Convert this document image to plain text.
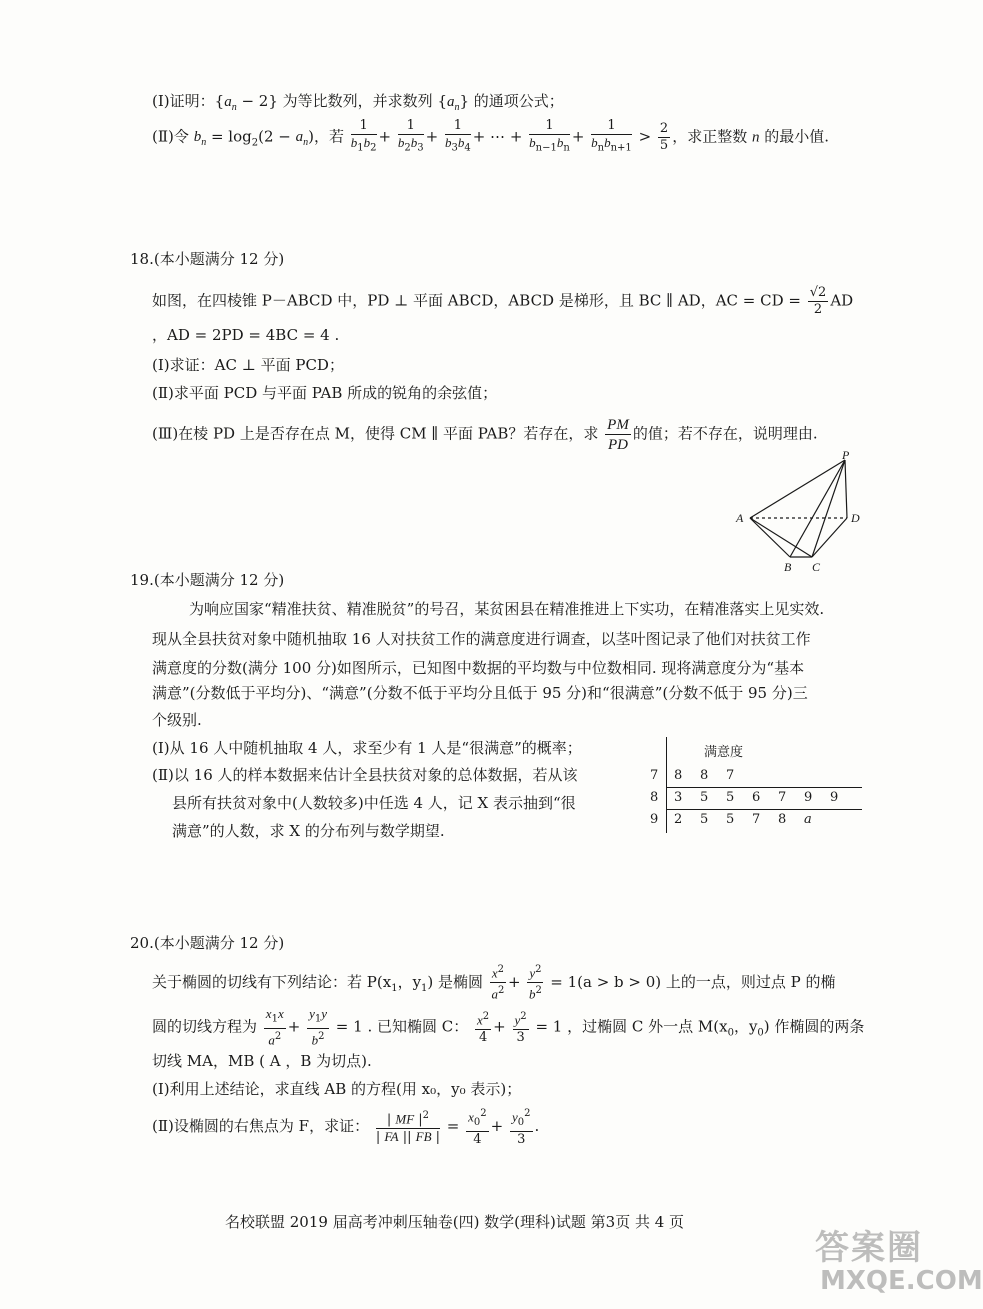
(Ⅰ)证明：$\{a_n - 2\}$ 为等比数列，并求数列 $\{a_n\}$ 的通项公式；
(Ⅱ)令 $b_n = \log_2(2 - a_n)$，若 $\frac{1}{b_1b_2} + \frac{1}{b_2b_3} + \frac{1}{b_3b_4}$ + ⋯ + $\frac{1}{b_{n-1}b_n} + \frac{1}{b_nb_{n+1}} > \frac{2}{5}$ ，求正整数 n 的最小值.
18.(本小题满分 12 分)
如图，在四棱锥 P－ABCD 中，PD ⊥ 平面 ABCD，ABCD 是梯形，且 BC ∥ AD，AC = CD = $\frac{√2}{2}$ AD
，AD = 2PD = 4BC = 4 .
(Ⅰ)求证：AC ⊥ 平面 PCD；
(Ⅱ)求平面 PCD 与平面 PAB 所成的锐角的余弦值；
(Ⅲ)在棱 PD 上是否存在点 M，使得 CM ∥ 平面 PAB？若存在，求 $\frac{PM}{PD}$ 的值；若不存在，说明理由.
P
A	D
B C
19.(本小题满分 12 分)
为响应国家“精准扶贫、精准脱贫”的号召，某贫困县在精准推进上下实功，在精准落实上见实效.
现从全县扶贫对象中随机抽取 16 人对扶贫工作的满意度进行调查，以茎叶图记录了他们对扶贫工作
满意度的分数(满分 100 分)如图所示，已知图中数据的平均数与中位数相同. 现将满意度分为“基本
满意”(分数低于平均分)、“满意”(分数不低于平均分且低于 95 分)和“很满意”(分数不低于 95 分)三
个级别.
(Ⅰ)从 16 人中随机抽取 4 人，求至少有 1 人是“很满意”的概率；
(Ⅱ)以 16 人的样本数据来估计全县扶贫对象的总体数据，若从该
县所有扶贫对象中(人数较多)中任选 4 人，记 X 表示抽到“很
满意”的人数，求 X 的分布列与数学期望.
满意度
7 8 8 7
8 3 5 5 6 7 9 9
9 2 5 5 7 8 a
20.(本小题满分 12 分)
关于椭圆的切线有下列结论：若 $P(x_1$，$y_1$) 是椭圆 $\frac{x^2}{a^2} + \frac{y^2}{b^2} = 1(a > b > 0)$ 上的一点，则过点 P 的椭
圆的切线方程为 $\frac{x_1x}{a^2} + \frac{y_1y}{b^2} = 1$ . 已知椭圆 C： $\frac{x^2}{4} + \frac{y^2}{3} = 1$ ，过椭圆 C 外一点 $M(x_0$，$y_0$) 作椭圆的两条
切线 MA，MB ( A ，B 为切点).
(Ⅰ)利用上述结论，求直线 AB 的方程(用 x₀，y₀ 表示)；
(Ⅱ)设椭圆的右焦点为 F，求证： $\frac{| MF |^2}{| FA || FB |} = \frac{x_0^2}{4} + \frac{y_0^2}{3}$ .
名校联盟 2019 届高考冲刺压轴卷(四) 数学(理科)试题 第3页 共 4 页
答案圈
MXQE.COM
